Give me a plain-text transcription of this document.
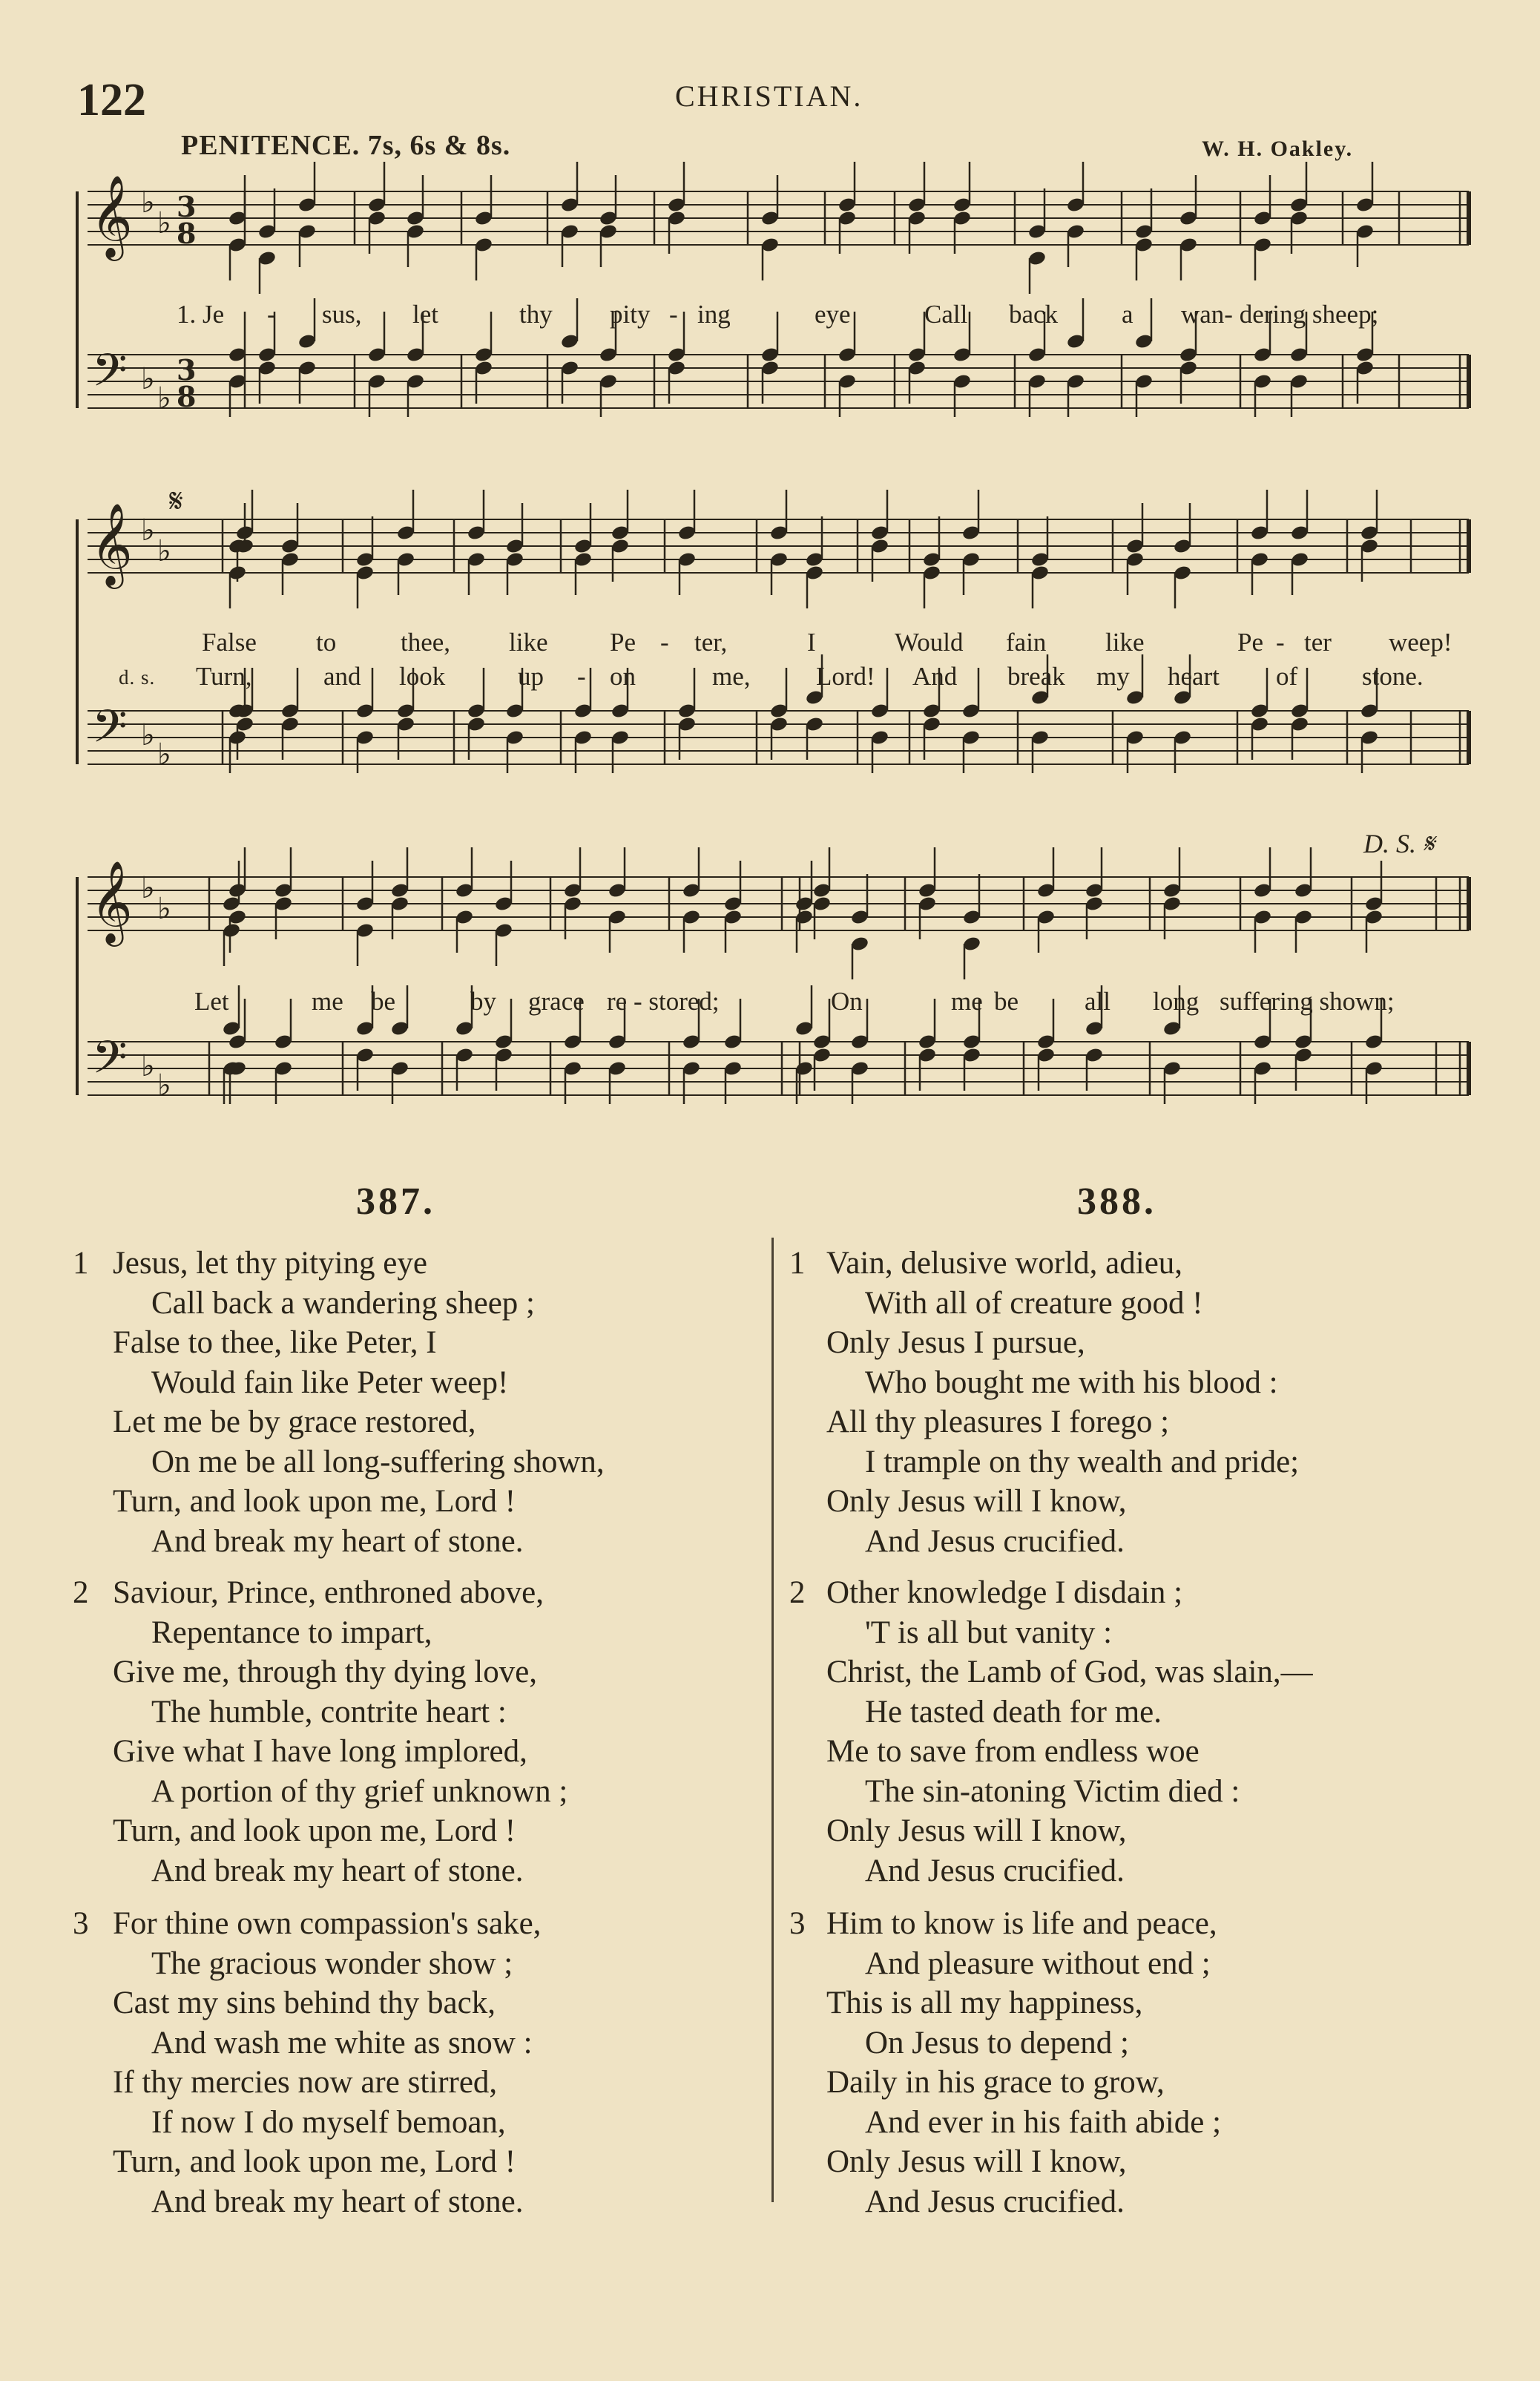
122	CHRISTIAN.
PENITENCE. 7s, 6s & 8s.	W. H. Oakley.
𝄞 ♭
♭ 3
8
𝄢 ♭
♭
3
8
𝄞 ♭
♭
𝄢 ♭
♭
𝄞 ♭
♭
𝄢 ♭
♭
𝄋
1. Je - sus, let	thy pity - ing	eye	Call back a wan- dering sheep;
False to thee, like Pe - ter,	I	Would fain like	Pe - ter weep!
d. s. Turn,	and look	up - on	me,	Lord! And break my heart of stone.
Let	me be	by grace re - stored;	On	me be	all long suffering shown;
D. S. 𝄋
387.	388.
1 Jesus, let thy pitying eye
Call back a wandering sheep ;
False to thee, like Peter, I
Would fain like Peter weep!
Let me be by grace restored,
On me be all long-suffering shown,
Turn, and look upon me, Lord !
And break my heart of stone.
2 Saviour, Prince, enthroned above,
Repentance to impart,
Give me, through thy dying love,
The humble, contrite heart :
Give what I have long implored,
A portion of thy grief unknown ;
Turn, and look upon me, Lord !
And break my heart of stone.
3 For thine own compassion's sake,
The gracious wonder show ;
Cast my sins behind thy back,
And wash me white as snow :
If thy mercies now are stirred,
If now I do myself bemoan,
Turn, and look upon me, Lord !
And break my heart of stone.
1 Vain, delusive world, adieu,
With all of creature good !
Only Jesus I pursue,
Who bought me with his blood :
All thy pleasures I forego ;
I trample on thy wealth and pride;
Only Jesus will I know,
And Jesus crucified.
2 Other knowledge I disdain ;
'T is all but vanity :
Christ, the Lamb of God, was slain,—
He tasted death for me.
Me to save from endless woe
The sin-atoning Victim died :
Only Jesus will I know,
And Jesus crucified.
3 Him to know is life and peace,
And pleasure without end ;
This is all my happiness,
On Jesus to depend ;
Daily in his grace to grow,
And ever in his faith abide ;
Only Jesus will I know,
And Jesus crucified.
